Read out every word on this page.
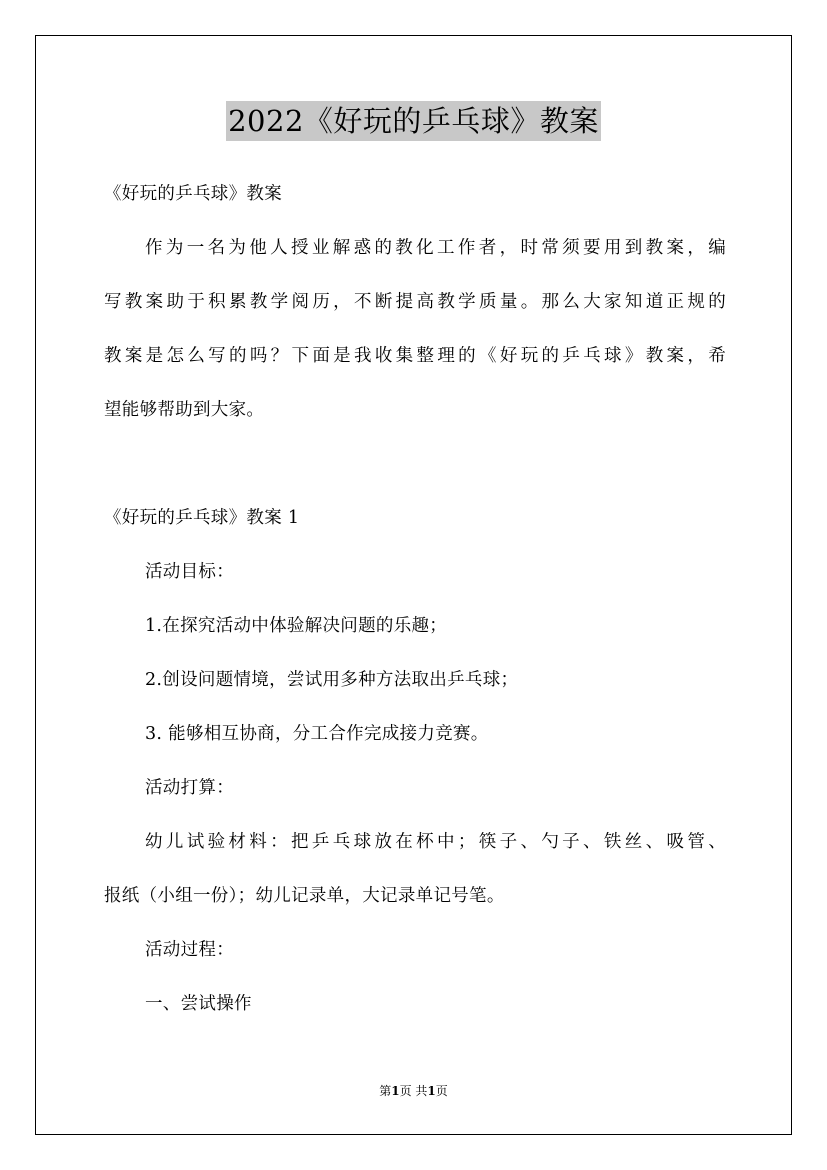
2022《好玩的乒乓球》教案
《好玩的乒乓球》教案
作为一名为他人授业解惑的教化工作者，时常须要用到教案，编
写教案助于积累教学阅历，不断提高教学质量。那么大家知道正规的
教案是怎么写的吗？下面是我收集整理的《好玩的乒乓球》教案，希
望能够帮助到大家。
《好玩的乒乓球》教案 1
活动目标：
1.在探究活动中体验解决问题的乐趣；
2.创设问题情境，尝试用多种方法取出乒乓球；
3. 能够相互协商，分工合作完成接力竞赛。
活动打算：
幼儿试验材料：把乒乓球放在杯中；筷子、勺子、铁丝、吸管、
报纸（小组一份）；幼儿记录单，大记录单记号笔。
活动过程：
一、尝试操作
第1页 共1页
